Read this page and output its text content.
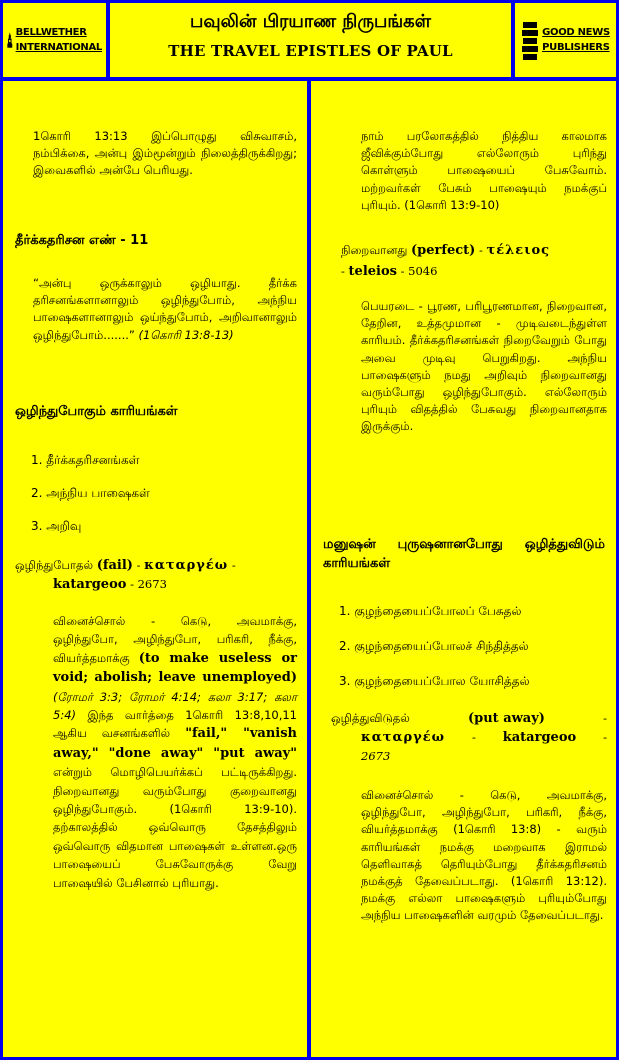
BELLWETHER
INTERNATIONAL
பவுலின் பிரயாண நிருபங்கள்
THE TRAVEL EPISTLES OF PAUL
GOOD NEWS
PUBLISHERS
1கொரி 13:13 இப்பொழுது விசுவாசம், நம்பிக்கை, அன்பு இம்மூன்றும் நிலைத்திருக்கிறது; இவைகளில் அன்பே பெரியது.
தீர்க்கதரிசன எண் - 11
“அன்பு ஒருக்காலும் ஒழியாது. தீர்க்க தரிசனங்களானாலும் ஒழிந்துபோம், அந்நிய பாஷைகளானாலும் ஒய்ந்துபோம், அறிவானாலும் ஒழிந்துபோம்.......” (1கொரி 13:8-13)
ஒழிந்துபோகும் காரியங்கள்
1. தீர்க்கதரிசனங்கள்
2. அந்நிய பாஷைகள்
3. அறிவு
ஒழிந்துபோதல் (fail) - καταργέω -
katargeoo - 2673
வினைச்சொல் - கெடு, அவமாக்கு, ஒழிந்துபோ, அழிந்துபோ, பரிகரி, நீக்கு, வியர்த்தமாக்கு (to make useless or void; abolish; leave unemployed) (ரோமர் 3:3; ரோமர் 4:14; கலா 3:17; கலா 5:4) இந்த வார்த்தை 1கொரி 13:8,10,11 ஆகிய வசனங்களில் "fail," "vanish away," "done away" "put away" என்றும் மொழிபெயர்க்கப் பட்டிருக்கிறது. நிறைவானது வரும்போது குறைவானது ஒழிந்துபோகும். (1கொரி 13:9-10). தற்காலத்தில் ஒவ்வொரு தேசத்திலும் ஒவ்வொரு விதமான பாஷைகள் உள்ளன.ஒரு பாஷையைப் பேசுவோருக்கு வேறு பாஷையில் பேசினால் புரியாது.
நாம் பரலோகத்தில் நித்திய காலமாக ஜீவிக்கும்போது எல்லோரும் புரிந்து கொள்ளும் பாஷையைப் பேசுவோம். மற்றவர்கள் பேசும் பாஷையும் நமக்குப் புரியும். (1கொரி 13:9-10)
நிறைவானது (perfect) - τέλειος
- teleios - 5046
பெயரடை - பூரண, பரிபூரணமான, நிறைவான, தேறின, உத்தமுமான - முடிவடைந்துள்ள காரியம். தீர்க்கதரிசனங்கள் நிறைவேறும் போது அவை முடிவு பெறுகிறது. அந்நிய பாஷைகளும் நமது அறிவும் நிறைவானது வரும்போது ஒழிந்துபோகும். எல்லோரும் புரியும் விதத்தில் பேசுவது நிறைவானதாக இருக்கும்.
மனுஷன் புருஷனானபோது ஒழித்துவிடும் காரியங்கள்
1. குழந்தையைப்போலப் பேசுதல்
2. குழந்தையைப்போலச் சிந்தித்தல்
3. குழந்தையைப்போல யோசித்தல்
ஒழித்துவிடுதல்	(put away)	-
καταργέω - katargeoo -
2673
வினைச்சொல் - கெடு, அவமாக்கு, ஒழிந்துபோ, அழிந்துபோ, பரிகரி, நீக்கு, வியர்த்தமாக்கு (1கொரி 13:8) - வரும் காரியங்கள் நமக்கு மறைவாக இராமல் தெளிவாகத் தெரியும்போது தீர்க்கதரிசனம் நமக்குத் தேவைப்படாது. (1கொரி 13:12). நமக்கு எல்லா பாஷைகளும் புரியும்போது அந்நிய பாஷைகளின் வரமும் தேவைப்படாது.
